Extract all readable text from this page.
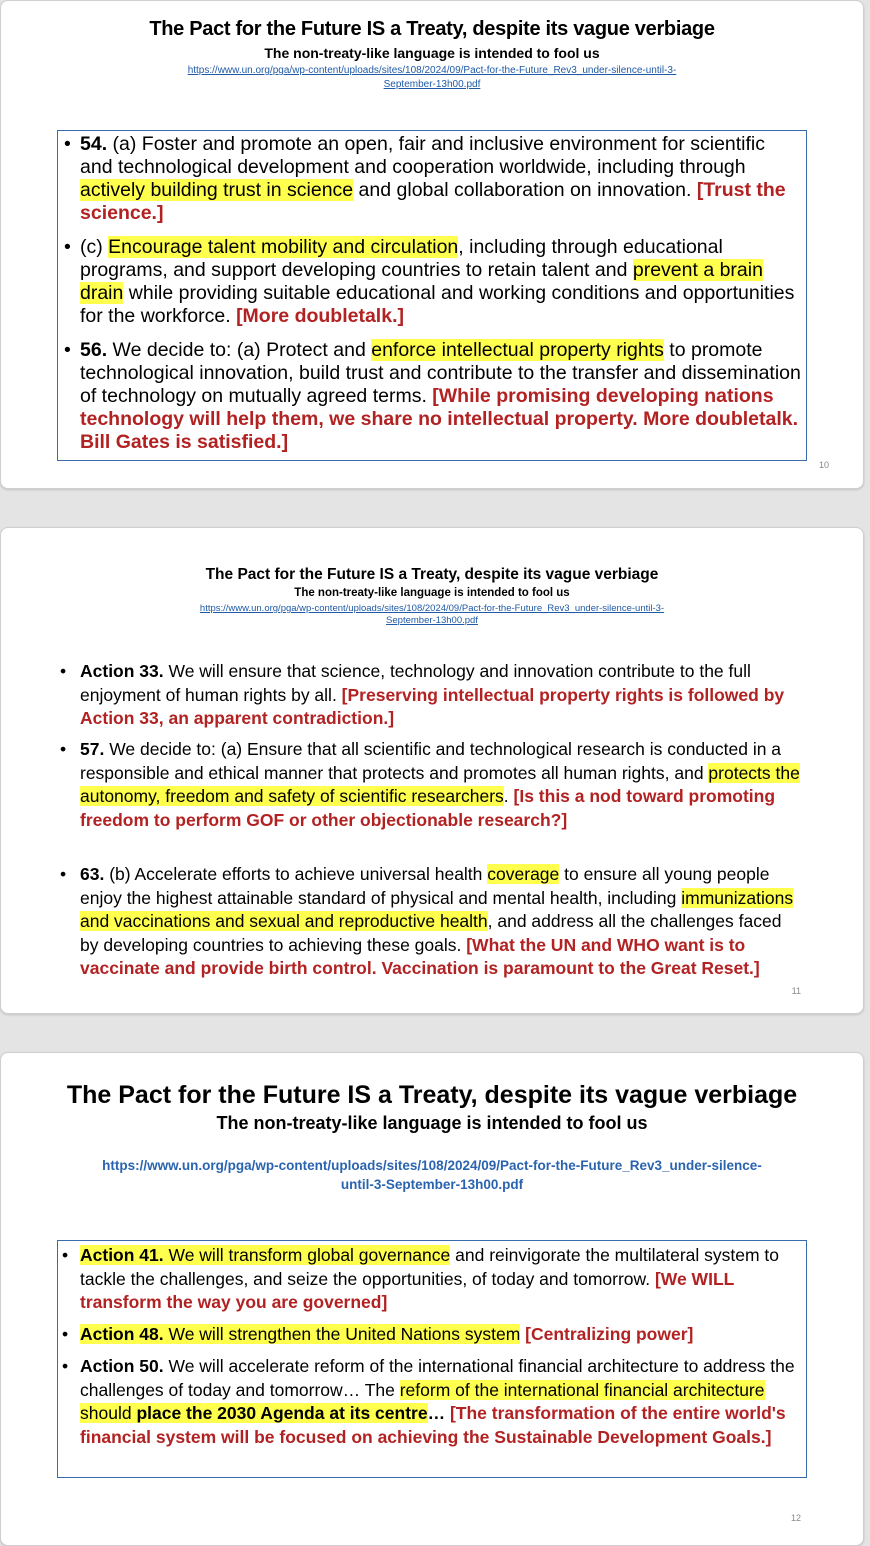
The Pact for the Future IS a Treaty, despite its vague verbiage
The non-treaty-like language is intended to fool us
https://www.un.org/pga/wp-content/uploads/sites/108/2024/09/Pact-for-the-Future_Rev3_under-silence-until-3-
September-13h00.pdf
• 54. (a) Foster and promote an open, fair and inclusive environment for scientific and technological development and cooperation worldwide, including through actively building trust in science and global collaboration on innovation. [Trust the science.]
• (c) Encourage talent mobility and circulation, including through educational programs, and support developing countries to retain talent and prevent a brain drain while providing suitable educational and working conditions and opportunities for the workforce. [More doubletalk.]
• 56. We decide to: (a) Protect and enforce intellectual property rights to promote technological innovation, build trust and contribute to the transfer and dissemination of technology on mutually agreed terms. [While promising developing nations technology will help them, we share no intellectual property. More doubletalk. Bill Gates is satisfied.]
10
The Pact for the Future IS a Treaty, despite its vague verbiage
The non-treaty-like language is intended to fool us
https://www.un.org/pga/wp-content/uploads/sites/108/2024/09/Pact-for-the-Future_Rev3_under-silence-until-3-
September-13h00.pdf
• Action 33. We will ensure that science, technology and innovation contribute to the full enjoyment of human rights by all. [Preserving intellectual property rights is followed by Action 33, an apparent contradiction.]
• 57. We decide to: (a) Ensure that all scientific and technological research is conducted in a responsible and ethical manner that protects and promotes all human rights, and protects the autonomy, freedom and safety of scientific researchers. [Is this a nod toward promoting freedom to perform GOF or other objectionable research?]
• 63. (b) Accelerate efforts to achieve universal health coverage to ensure all young people enjoy the highest attainable standard of physical and mental health, including immunizations and vaccinations and sexual and reproductive health, and address all the challenges faced by developing countries to achieving these goals. [What the UN and WHO want is to vaccinate and provide birth control. Vaccination is paramount to the Great Reset.]
11
The Pact for the Future IS a Treaty, despite its vague verbiage
The non-treaty-like language is intended to fool us
https://www.un.org/pga/wp-content/uploads/sites/108/2024/09/Pact-for-the-Future_Rev3_under-silence-
until-3-September-13h00.pdf
• Action 41. We will transform global governance and reinvigorate the multilateral system to tackle the challenges, and seize the opportunities, of today and tomorrow. [We WILL transform the way you are governed]
• Action 48. We will strengthen the United Nations system [Centralizing power]
• Action 50. We will accelerate reform of the international financial architecture to address the challenges of today and tomorrow… The reform of the international financial architecture should place the 2030 Agenda at its centre… [The transformation of the entire world's financial system will be focused on achieving the Sustainable Development Goals.]
12
